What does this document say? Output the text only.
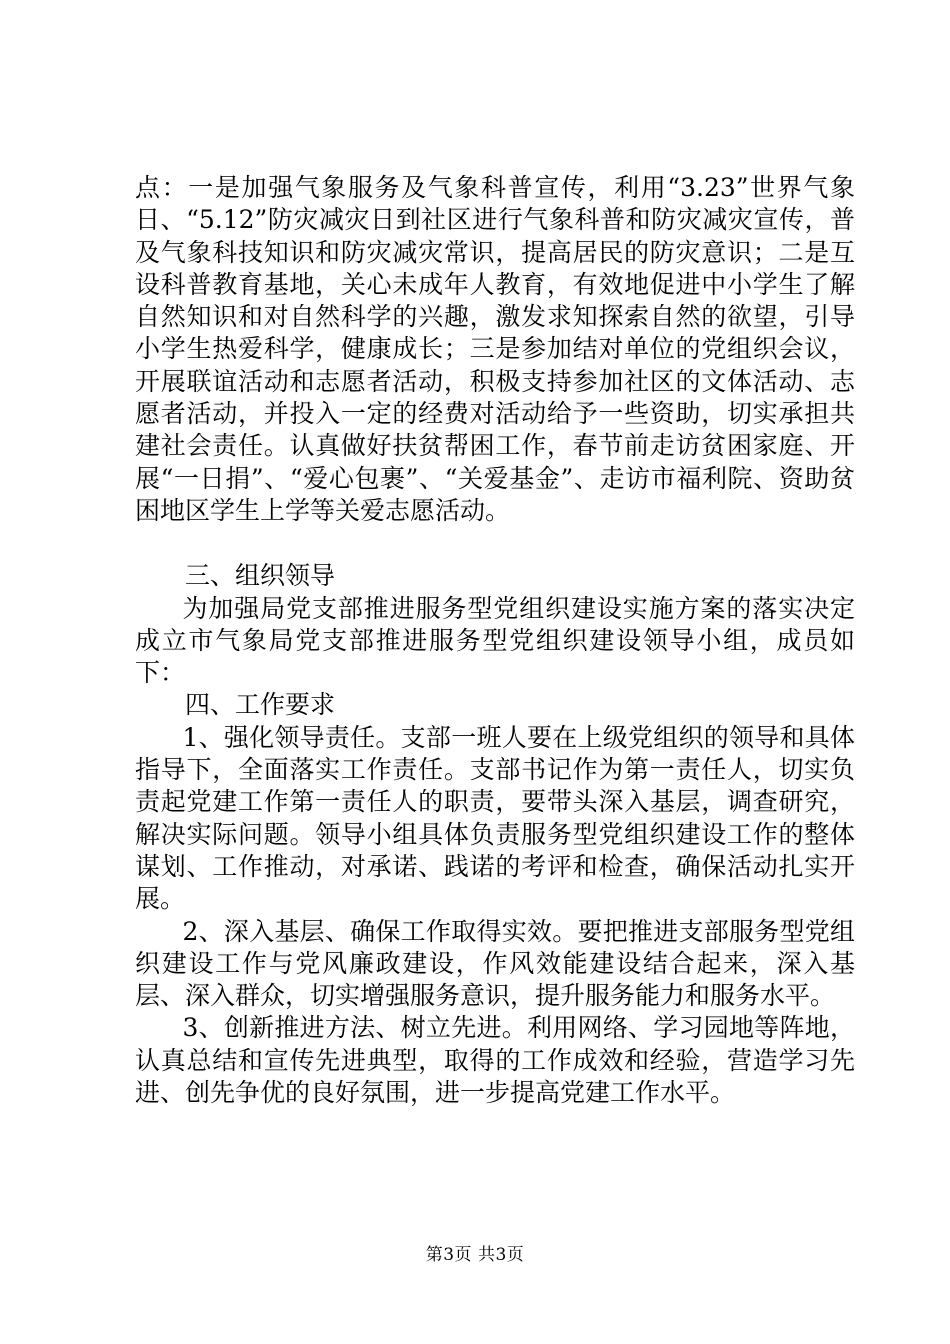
点：一是加强气象服务及气象科普宣传，利用“3.23”世界气象日、“5.12”防灾减灾日到社区进行气象科普和防灾减灾宣传，普及气象科技知识和防灾减灾常识，提高居民的防灾意识；二是互设科普教育基地，关心未成年人教育，有效地促进中小学生了解自然知识和对自然科学的兴趣，激发求知探索自然的欲望，引导小学生热爱科学，健康成长；三是参加结对单位的党组织会议，开展联谊活动和志愿者活动，积极支持参加社区的文体活动、志愿者活动，并投入一定的经费对活动给予一些资助，切实承担共建社会责任。认真做好扶贫帮困工作，春节前走访贫困家庭、开展“一日捐”、“爱心包裹”、“关爱基金”、走访市福利院、资助贫困地区学生上学等关爱志愿活动。

三、组织领导

为加强局党支部推进服务型党组织建设实施方案的落实决定成立市气象局党支部推进服务型党组织建设领导小组，成员如下：

四、工作要求

1、强化领导责任。支部一班人要在上级党组织的领导和具体指导下，全面落实工作责任。支部书记作为第一责任人，切实负责起党建工作第一责任人的职责，要带头深入基层，调查研究，解决实际问题。领导小组具体负责服务型党组织建设工作的整体谋划、工作推动，对承诺、践诺的考评和检查，确保活动扎实开展。

2、深入基层、确保工作取得实效。要把推进支部服务型党组织建设工作与党风廉政建设，作风效能建设结合起来，深入基层、深入群众，切实增强服务意识，提升服务能力和服务水平。

3、创新推进方法、树立先进。利用网络、学习园地等阵地，认真总结和宣传先进典型，取得的工作成效和经验，营造学习先进、创先争优的良好氛围，进一步提高党建工作水平。

第3页 共3页
